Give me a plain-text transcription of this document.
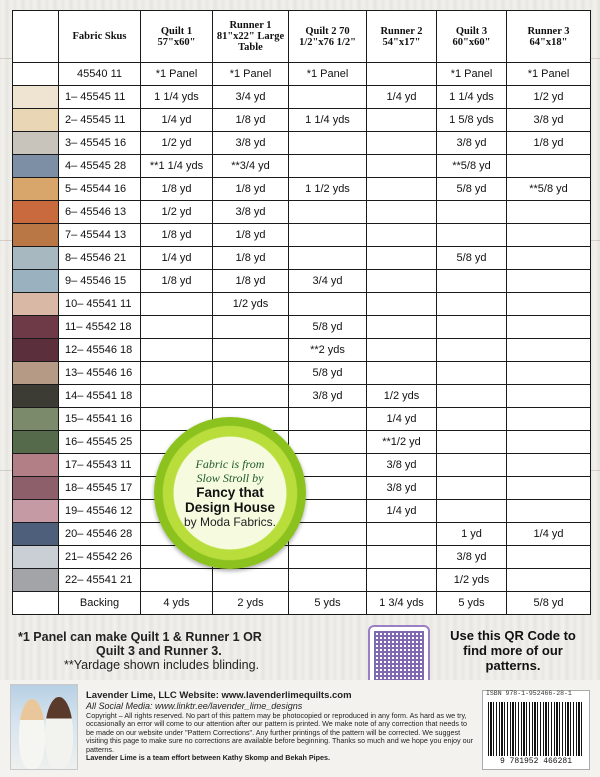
	Fabric Skus	Quilt 1 57"x60"	Runner 1 81"x22" Large Table	Quilt 2 70 1/2"x76 1/2"	Runner 2 54"x17"	Quilt 3 60"x60"	Runner 3 64"x18"
	45540 11	*1 Panel	*1 Panel	*1 Panel		*1 Panel	*1 Panel

	1– 45545 11	1 1/4 yds	3/4 yd		1/4 yd	1 1/4 yds	1/2 yd

	2– 45545 11	1/4 yd	1/8 yd	1 1/4 yds		1 5/8 yds	3/8 yd

	3– 45545 16	1/2 yd	3/8 yd			3/8 yd	1/8 yd

	4– 45545 28	**1 1/4 yds	**3/4 yd			**5/8 yd	

	5– 45544 16	1/8 yd	1/8 yd	1 1/2 yds		5/8 yd	**5/8 yd

	6– 45546 13	1/2 yd	3/8 yd				

	7– 45544 13	1/8 yd	1/8 yd				

	8– 45546 21	1/4 yd	1/8 yd			5/8 yd	

	9– 45546 15	1/8 yd	1/8 yd	3/4 yd			

	10– 45541 11		1/2 yds				

	11– 45542 18			5/8 yd			

	12– 45546 18			**2 yds			

	13– 45546 16			5/8 yd			

	14– 45541 18			3/8 yd	1/2 yds		

	15– 45541 16				1/4 yd		

	16– 45545 25				**1/2 yd		

	17– 45543 11				3/8 yd		

	18– 45545 17				3/8 yd		

	19– 45546 12				1/4 yd		

	20– 45546 28					1 yd	1/4 yd

	21– 45542 26					3/8 yd	

	22– 45541 21					1/2 yds	
	Backing	4 yds	2 yds	5 yds	1 3/4 yds	5 yds	5/8 yd
Fabric is from
Slow Stroll by
Fancy that
Design House
by Moda Fabrics.
*1 Panel can make Quilt 1 & Runner 1 OR
Quilt 3 and Runner 3.
**Yardage shown includes blinding.
Use this QR Code to find more of our patterns.
Lavender Lime, LLC Website: www.lavenderlimequilts.com
All Social Media: www.linktr.ee/lavender_lime_designs
Copyright – All rights reserved. No part of this pattern may be photocopied or reproduced in any form. As hard as we try, occasionally an error will come to our attention after our pattern is printed. We make note of any correction that needs to be made on our website under "Pattern Corrections". Any further printings of the pattern will be corrected. We suggest visiting this page to make sure no corrections are available before beginning. Thanks so much and we hope you enjoy our patterns.
Lavender Lime is a team effort between Kathy Skomp and Bekah Pipes.
ISBN 978-1-952466-28-1
9 781952 466281
